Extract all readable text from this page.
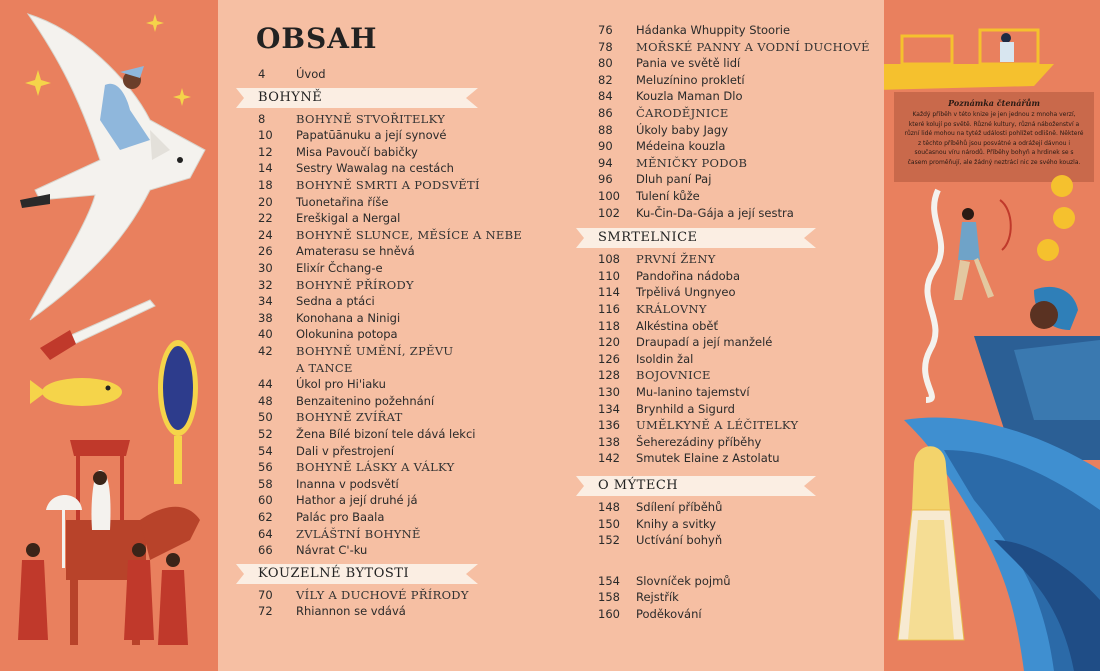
OBSAH
4	Úvod
BOHYNĚ
8	BOHYNĚ STVOŘITELKY
10	Papatūānuku a její synové
12	Misa Pavoučí babičky
14	Sestry Wawalag na cestách
18	BOHYNĚ SMRTI A PODSVĚTÍ
20	Tuonetařina říše
22	Ereškigal a Nergal
24	BOHYNĚ SLUNCE, MĚSÍCE A NEBE
26	Amaterasu se hněvá
30	Elixír Čchang-e
32	BOHYNĚ PŘÍRODY
34	Sedna a ptáci
38	Konohana a Ninigi
40	Olokunina potopa
42	BOHYNĚ UMĚNÍ, ZPĚVU
A TANCE
44	Úkol pro Hi'iaku
48	Benzaitenino požehnání
50	BOHYNĚ ZVÍŘAT
52	Žena Bílé bizoní tele dává lekci
54	Dali v přestrojení
56	BOHYNĚ LÁSKY A VÁLKY
58	Inanna v podsvětí
60	Hathor a její druhé já
62	Palác pro Baala
64	ZVLÁŠTNÍ BOHYNĚ
66	Návrat C'-ku
KOUZELNÉ BYTOSTI
70	VÍLY A DUCHOVÉ PŘÍRODY
72	Rhiannon se vdává
76	Hádanka Whuppity Stoorie
78	MOŘSKÉ PANNY A VODNÍ DUCHOVÉ
80	Pania ve světě lidí
82	Meluzínino prokletí
84	Kouzla Maman Dlo
86	ČARODĚJNICE
88	Úkoly baby Jagy
90	Médeina kouzla
94	MĚNIČKY PODOB
96	Dluh paní Paj
100	Tulení kůže
102	Ku-Čin-Da-Gája a její sestra
SMRTELNICE
108	PRVNÍ ŽENY
110	Pandořina nádoba
114	Trpělivá Ungnyeo
116	KRÁLOVNY
118	Alkéstina oběť
120	Draupadí a její manželé
126	Isoldin žal
128	BOJOVNICE
130	Mu-lanino tajemství
134	Brynhild a Sigurd
136	UMĚLKYNĚ A LÉČITELKY
138	Šeherezádiny příběhy
142	Smutek Elaine z Astolatu
O MÝTECH
148	Sdílení příběhů
150	Knihy a svitky
152	Uctívání bohyň
154	Slovníček pojmů
158	Rejstřík
160	Poděkování
Poznámka čtenářům
Každý příběh v této knize je jen jednou z mnoha verzí, které kolují po světě. Různé kultury, různá náboženství a různí lidé mohou na tytéž události pohlížet odlišně. Některé z těchto příběhů jsou posvátné a odrážejí dávnou i současnou víru národů. Příběhy bohyň a hrdinek se s časem proměňují, ale žádný neztrácí nic ze svého kouzla.
